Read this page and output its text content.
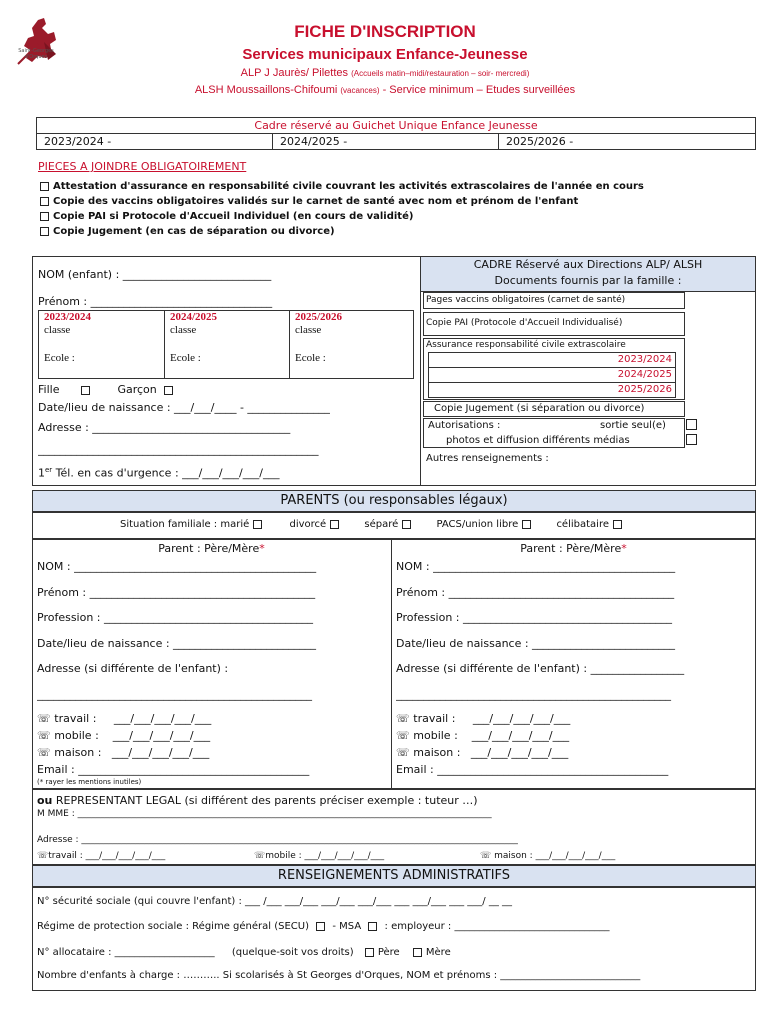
Saint-Georges d'Orques
FICHE D'INSCRIPTION
Services municipaux Enfance-Jeunesse
ALP J Jaurès/ Pilettes (Accueils matin–midi/restauration – soir- mercredi)
ALSH Moussaillons-Chifoumi (vacances) - Service minimum – Etudes surveillées
Cadre réservé au Guichet Unique Enfance Jeunesse
2023/2024 -	2024/2025 -	2025/2026 -
PIECES A JOINDRE OBLIGATOIREMENT
Attestation d'assurance en responsabilité civile couvrant les activités extrascolaires de l'année en cours
Copie des vaccins obligatoires validés sur le carnet de santé avec nom et prénom de l'enfant
Copie PAI si Protocole d'Accueil Individuel (en cours de validité)
Copie Jugement (en cas de séparation ou divorce)
NOM (enfant) : ___________________________
Prénom : _________________________________
2023/2024
classe
Ecole :
2024/2025
classe
Ecole :
2025/2026
classe
Ecole :
Fille	Garçon
Date/lieu de naissance : ___/___/____ - _______________
Adresse : ____________________________________
___________________________________________________
1er Tél. en cas d'urgence : ___/___/___/___/___
CADRE Réservé aux Directions ALP/ ALSH
Documents fournis par la famille :
Pages vaccins obligatoires (carnet de santé)
Copie PAI (Protocole d'Accueil Individualisé)
Assurance responsabilité civile extrascolaire
2023/2024
2024/2025
2025/2026
Copie Jugement (si séparation ou divorce)
Autorisations :	sortie seul(e)
photos et diffusion différents médias
Autres renseignements :
PARENTS (ou responsables légaux)
Situation familiale : marié	divorcé	séparé	PACS/union libre	célibataire
Parent : Père/Mère*
NOM : ____________________________________________
Prénom : _________________________________________
Profession : ______________________________________
Date/lieu de naissance : __________________________
Adresse (si différente de l'enfant) :
__________________________________________________
☏ travail : ___/___/___/___/___
☏ mobile : ___/___/___/___/___
☏ maison : ___/___/___/___/___
Email : __________________________________________
(* rayer les mentions inutiles)
Parent : Père/Mère*
NOM : ____________________________________________
Prénom : _________________________________________
Profession : ______________________________________
Date/lieu de naissance : __________________________
Adresse (si différente de l'enfant) : _________________
__________________________________________________
☏ travail : ___/___/___/___/___
☏ mobile : ___/___/___/___/___
☏ maison : ___/___/___/___/___
Email : __________________________________________
ou REPRESENTANT LEGAL (si différent des parents préciser exemple : tuteur …)
M MME : ____________________________________________________________________________________________
Adresse : _________________________________________________________________________________________________
☏travail : ___/___/___/___/___	☏mobile : ___/___/___/___/___	☏ maison : ___/___/___/___/___
RENSEIGNEMENTS ADMINISTRATIFS
N° sécurité sociale (qui couvre l'enfant) : ___ /___ ___/___ ___/___ ___/___ ___ ___/___ ___ ___/ __ __
Régime de protection sociale : Régime général (SECU) - MSA : employeur : _______________________________
N° allocataire : ____________________ (quelque-soit vos droits) Père	Mère
Nombre d'enfants à charge : ……….. Si scolarisés à St Georges d'Orques, NOM et prénoms : ____________________________
